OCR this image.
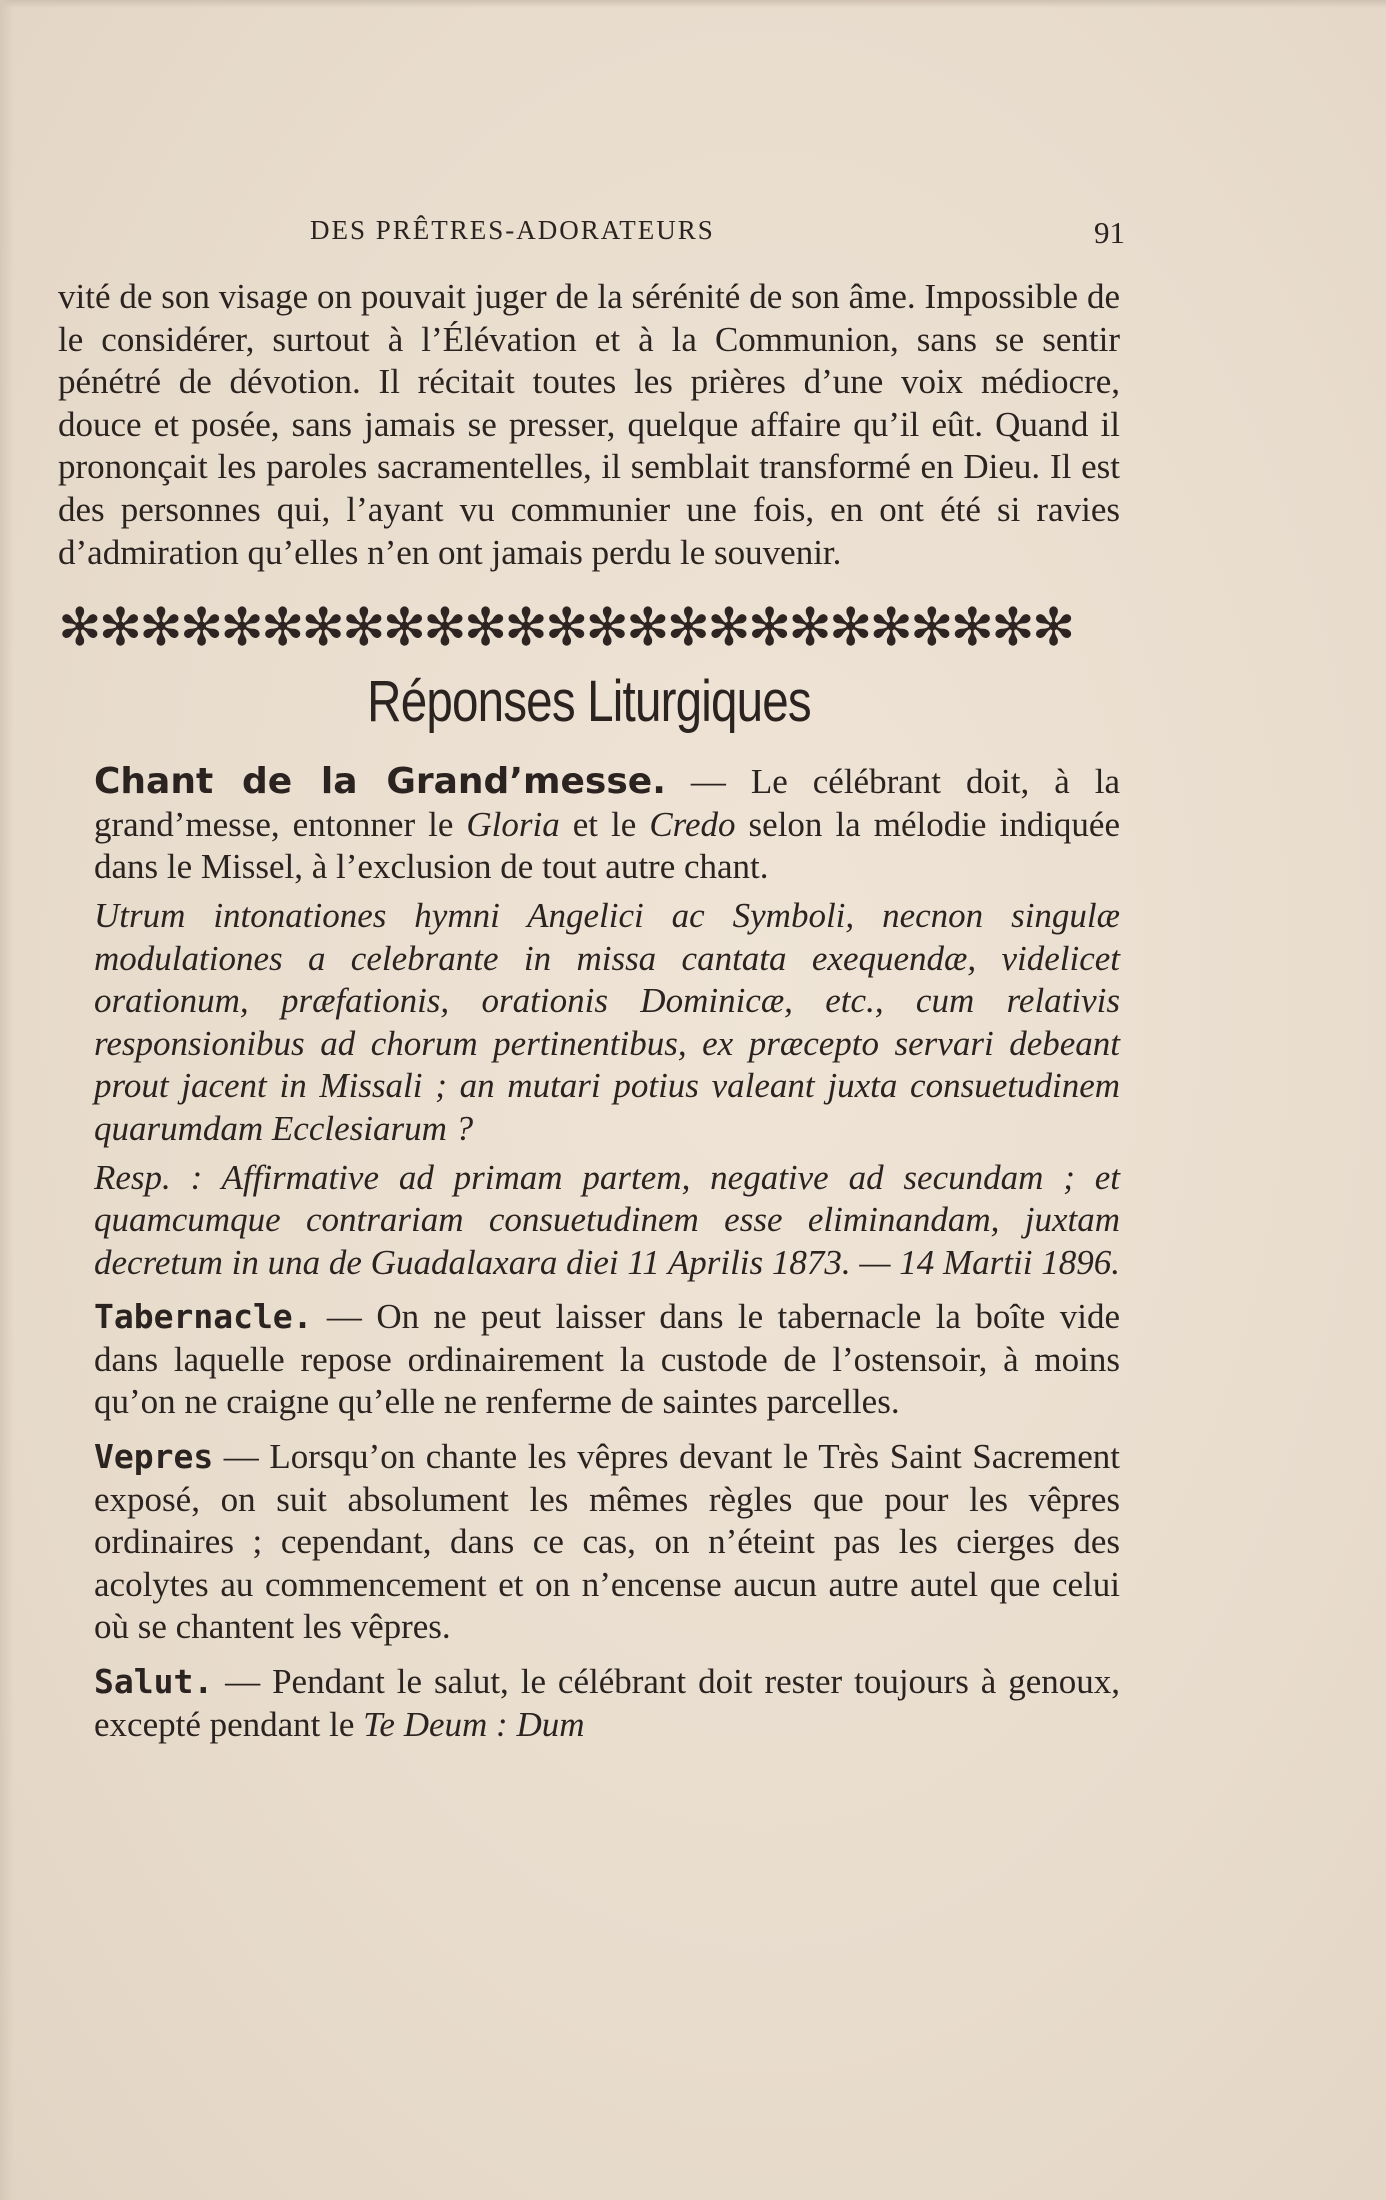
DES PRÊTRES-ADORATEURS	91

vité de son visage on pouvait juger de la sérénité de son âme. Impossible de le considérer, surtout à l’Élévation et à la Communion, sans se sentir pénétré de dévotion. Il récitait toutes les prières d’une voix médiocre, douce et posée, sans jamais se presser, quelque affaire qu’il eût. Quand il prononçait les paroles sacramentelles, il semblait transformé en Dieu. Il est des personnes qui, l’ayant vu communier une fois, en ont été si ravies d’admiration qu’elles n’en ont jamais perdu le souvenir.

✻✻✻✻✻✻✻✻✻✻✻✻✻✻✻✻✻✻✻✻✻✻✻✻✻
Réponses Liturgiques

Chant de la Grand’messe. — Le célébrant doit, à la grand’messe, entonner le Gloria et le Credo selon la mélodie indiquée dans le Missel, à l’exclusion de tout autre chant.

Utrum intonationes hymni Angelici ac Symboli, necnon singulæ modulationes a celebrante in missa cantata exequendæ, videlicet orationum, præfationis, orationis Dominicæ, etc., cum relativis responsionibus ad chorum pertinentibus, ex præcepto servari debeant prout jacent in Missali ; an mutari potius valeant juxta consuetudinem quarumdam Ecclesiarum ?

Resp. : Affirmative ad primam partem, negative ad secundam ; et quamcumque contrariam consuetudinem esse eliminandam, juxtam decretum in una de Guadalaxara diei 11 Aprilis 1873. — 14 Martii 1896.

Tabernacle. — On ne peut laisser dans le tabernacle la boîte vide dans laquelle repose ordinairement la custode de l’ostensoir, à moins qu’on ne craigne qu’elle ne renferme de saintes parcelles.

Vepres — Lorsqu’on chante les vêpres devant le Très Saint Sacrement exposé, on suit absolument les mêmes règles que pour les vêpres ordinaires ; cependant, dans ce cas, on n’éteint pas les cierges des acolytes au commencement et on n’encense aucun autre autel que celui où se chantent les vêpres.

Salut. — Pendant le salut, le célébrant doit rester toujours à genoux, excepté pendant le Te Deum : Dum
